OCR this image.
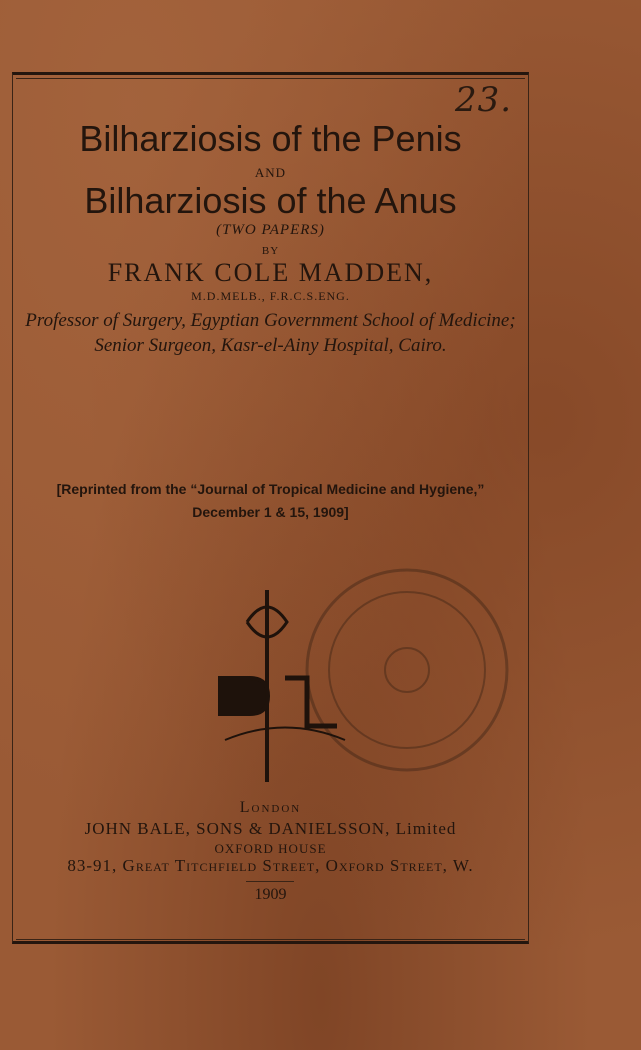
23.
Bilharziosis of the Penis
AND
Bilharziosis of the Anus
(TWO PAPERS)
BY
FRANK COLE MADDEN,
M.D.MELB., F.R.C.S.ENG.
Professor of Surgery, Egyptian Government School of Medicine;
Senior Surgeon, Kasr-el-Ainy Hospital, Cairo.
[Reprinted from the “Journal of Tropical Medicine and Hygiene,”
December 1 & 15, 1909]
London
JOHN BALE, SONS & DANIELSSON, Limited
OXFORD HOUSE
83-91, Great Titchfield Street, Oxford Street, W.
1909
